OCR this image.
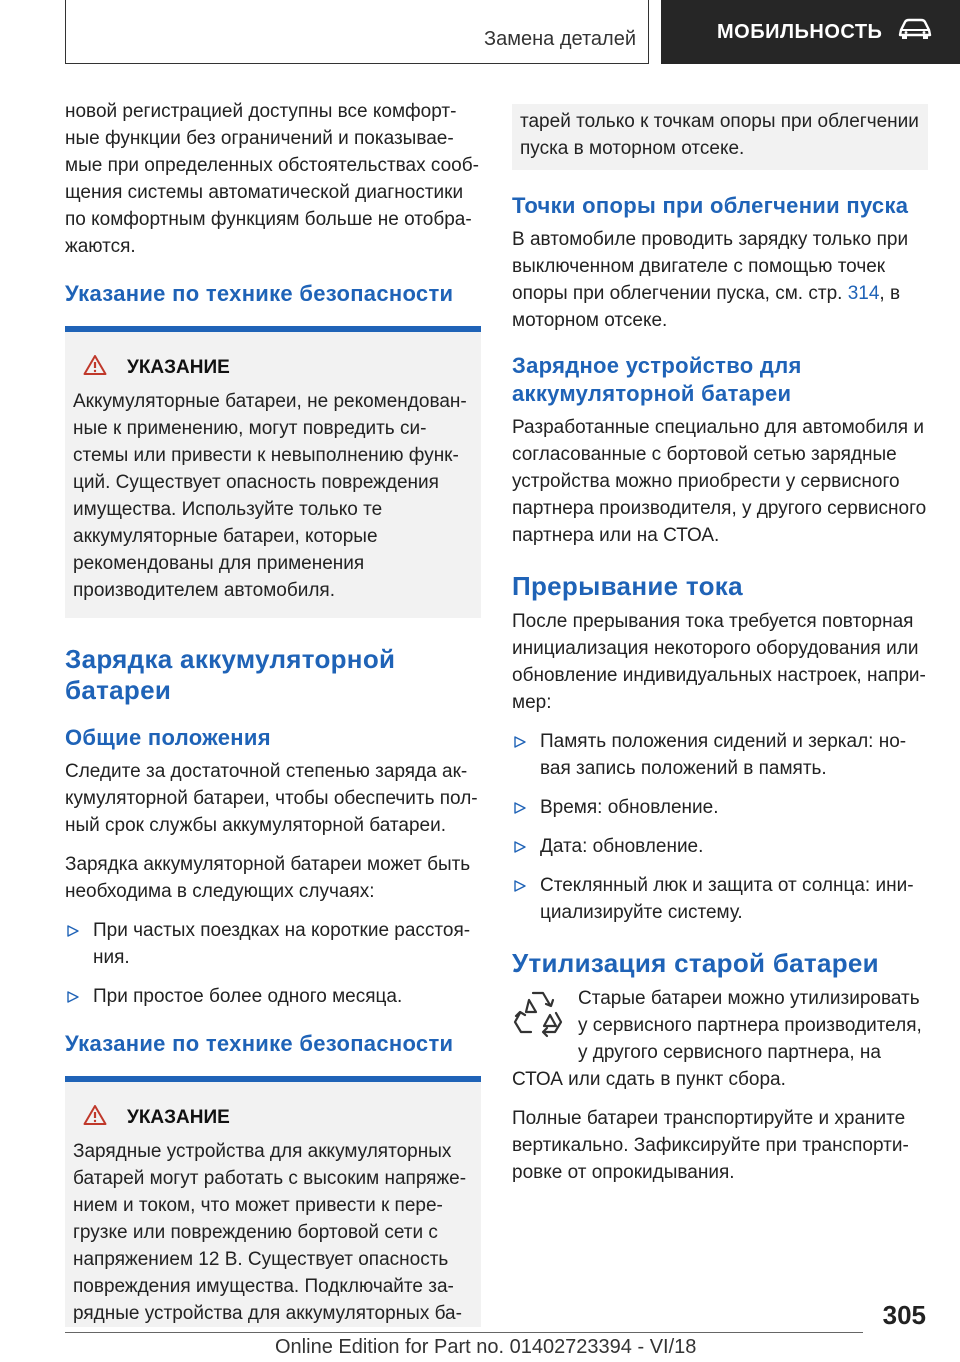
Замена деталей	МОБИЛЬНОСТЬ

новой регистрацией доступны все комфортные функции без ограничений и показываемые при определенных обстоятельствах сообщения системы автоматической диагностики по комфортным функциям больше не отображаются.

Указание по технике безопасности
УКАЗАНИЕ

Аккумуляторные батареи, не рекомендованные к применению, могут повредить системы или привести к невыполнению функций. Существует опасность повреждения имущества. Используйте только те аккумуляторные батареи, которые рекомендованы для применения производителем автомобиля.

Зарядка аккумуляторной батареи
Общие положения

Следите за достаточной степенью заряда аккумуляторной батареи, чтобы обеспечить полный срок службы аккумуляторной батареи.

Зарядка аккумуляторной батареи может быть необходима в следующих случаях:

При частых поездках на короткие расстояния.
При простое более одного месяца.
Указание по технике безопасности
УКАЗАНИЕ

Зарядные устройства для аккумуляторных батарей могут работать с высоким напряжением и током, что может привести к перегрузке или повреждению бортовой сети с напряжением 12 В. Существует опасность повреждения имущества. Подключайте зарядные устройства для аккумуляторных ба-

тарей только к точкам опоры при облегчении пуска в моторном отсеке.

Точки опоры при облегчении пуска

В автомобиле проводить зарядку только при выключенном двигателе с помощью точек опоры при облегчении пуска, см. стр. 314, в моторном отсеке.

Зарядное устройство для аккумуляторной батареи

Разработанные специально для автомобиля и согласованные с бортовой сетью зарядные устройства можно приобрести у сервисного партнера производителя, у другого сервисного партнера или на СТОА.

Прерывание тока

После прерывания тока требуется повторная инициализация некоторого оборудования или обновление индивидуальных настроек, например:

Память положения сидений и зеркал: новая запись положений в память.
Время: обновление.
Дата: обновление.
Стеклянный люк и защита от солнца: инициализируйте систему.
Утилизация старой батареи

Старые батареи можно утилизировать у сервисного партнера производителя, у другого сервисного партнера, на

СТОА или сдать в пункт сбора.

Полные батареи транспортируйте и храните вертикально. Зафиксируйте при транспортировке от опрокидывания.

305
Online Edition for Part no. 01402723394 - VI/18
